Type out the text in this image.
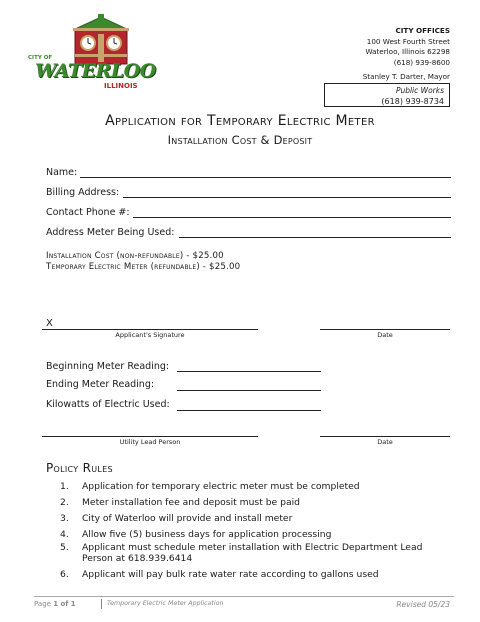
CITY OF
WATERLOO
ILLINOIS
CITY OFFICES
100 West Fourth Street
Waterloo, Illinois 62298
(618) 939-8600
Stanley T. Darter, Mayor
Public Works
(618) 939-8734
Application for Temporary Electric Meter
Installation Cost & Deposit
Name:
Billing Address:
Contact Phone #:
Address Meter Being Used:
Installation Cost (non-refundable) - $25.00
Temporary Electric Meter (refundable) - $25.00
X
Applicant's Signature	Date
Beginning Meter Reading:
Ending Meter Reading:
Kilowatts of Electric Used:
Utility Lead Person	Date
Policy Rules
1. Application for temporary electric meter must be completed
2. Meter installation fee and deposit must be paid
3. City of Waterloo will provide and install meter
4. Allow five (5) business days for application processing
5. Applicant must schedule meter installation with Electric Department Lead Person at 618.939.6414
6. Applicant will pay bulk rate water rate according to gallons used
Page 1 of 1	Temporary Electric Meter Application	Revised 05/23
